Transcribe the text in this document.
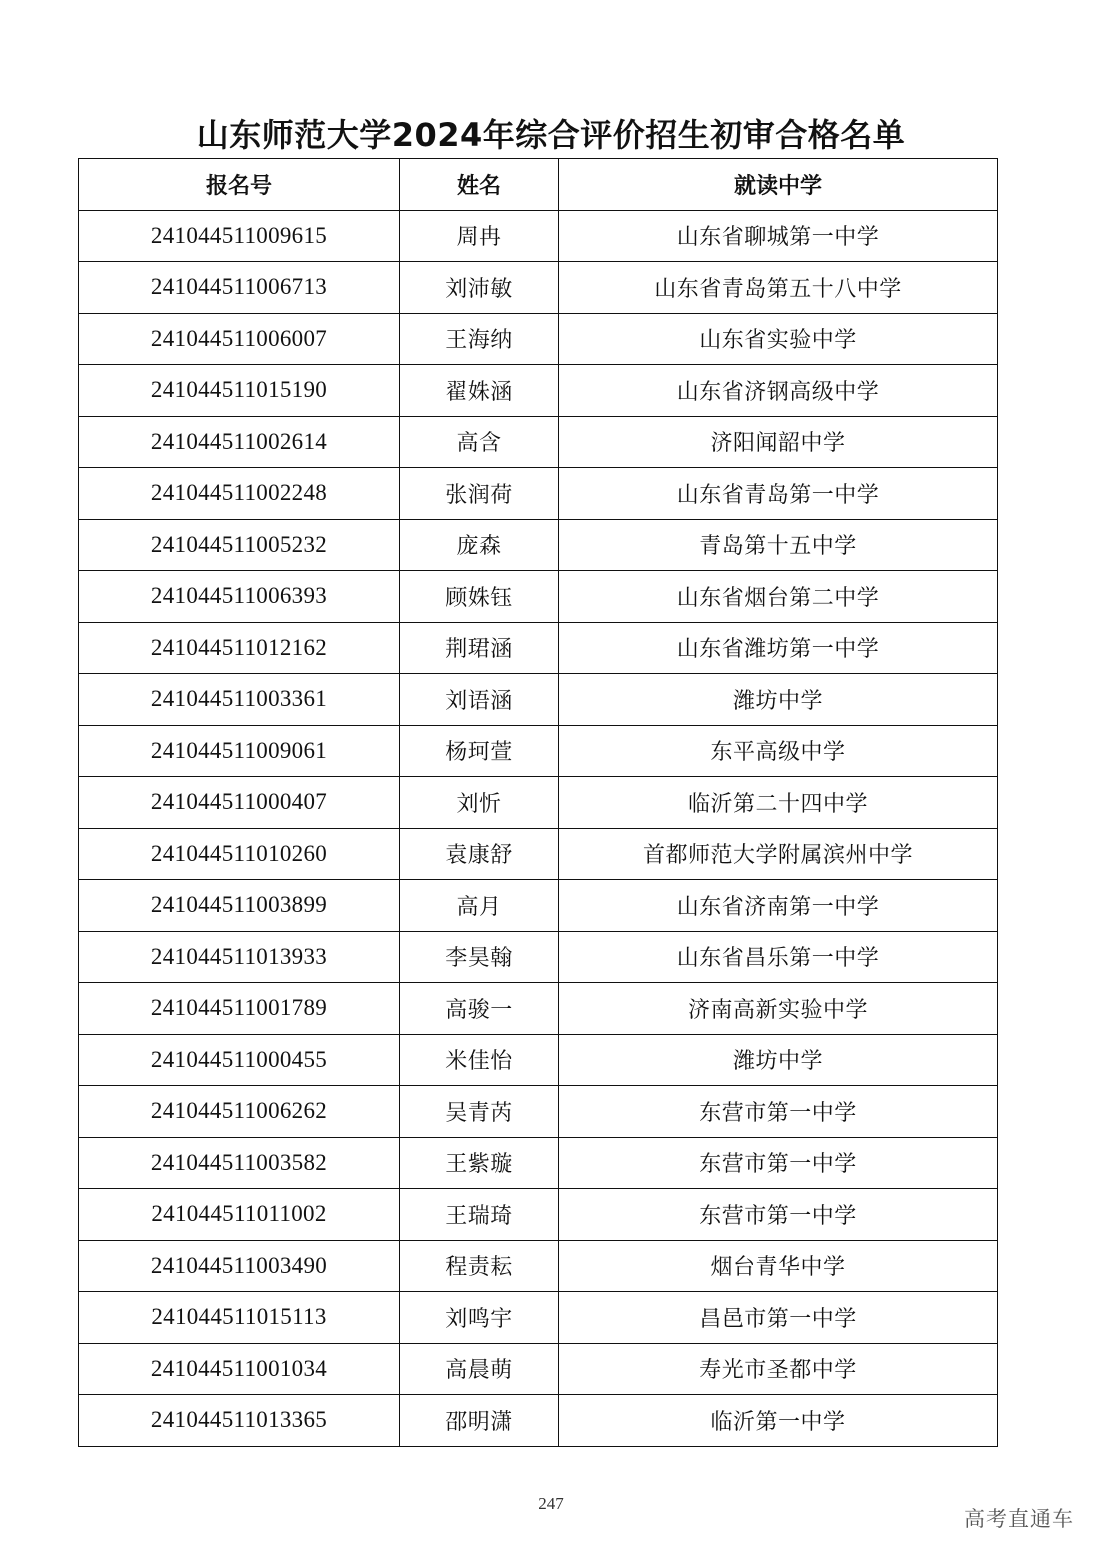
山东师范大学2024年综合评价招生初审合格名单
报名号	姓名	就读中学
241044511009615	周冉	山东省聊城第一中学
241044511006713	刘沛敏	山东省青岛第五十八中学
241044511006007	王海纳	山东省实验中学
241044511015190	翟姝涵	山东省济钢高级中学
241044511002614	高含	济阳闻韶中学
241044511002248	张润荷	山东省青岛第一中学
241044511005232	庞森	青岛第十五中学
241044511006393	顾姝钰	山东省烟台第二中学
241044511012162	荆珺涵	山东省潍坊第一中学
241044511003361	刘语涵	潍坊中学
241044511009061	杨珂萱	东平高级中学
241044511000407	刘忻	临沂第二十四中学
241044511010260	袁康舒	首都师范大学附属滨州中学
241044511003899	高月	山东省济南第一中学
241044511013933	李昊翰	山东省昌乐第一中学
241044511001789	高骏一	济南高新实验中学
241044511000455	米佳怡	潍坊中学
241044511006262	吴青芮	东营市第一中学
241044511003582	王紫璇	东营市第一中学
241044511011002	王瑞琦	东营市第一中学
241044511003490	程责耘	烟台青华中学
241044511015113	刘鸣宇	昌邑市第一中学
241044511001034	高晨萌	寿光市圣都中学
241044511013365	邵明潇	临沂第一中学
247
高考直通车
